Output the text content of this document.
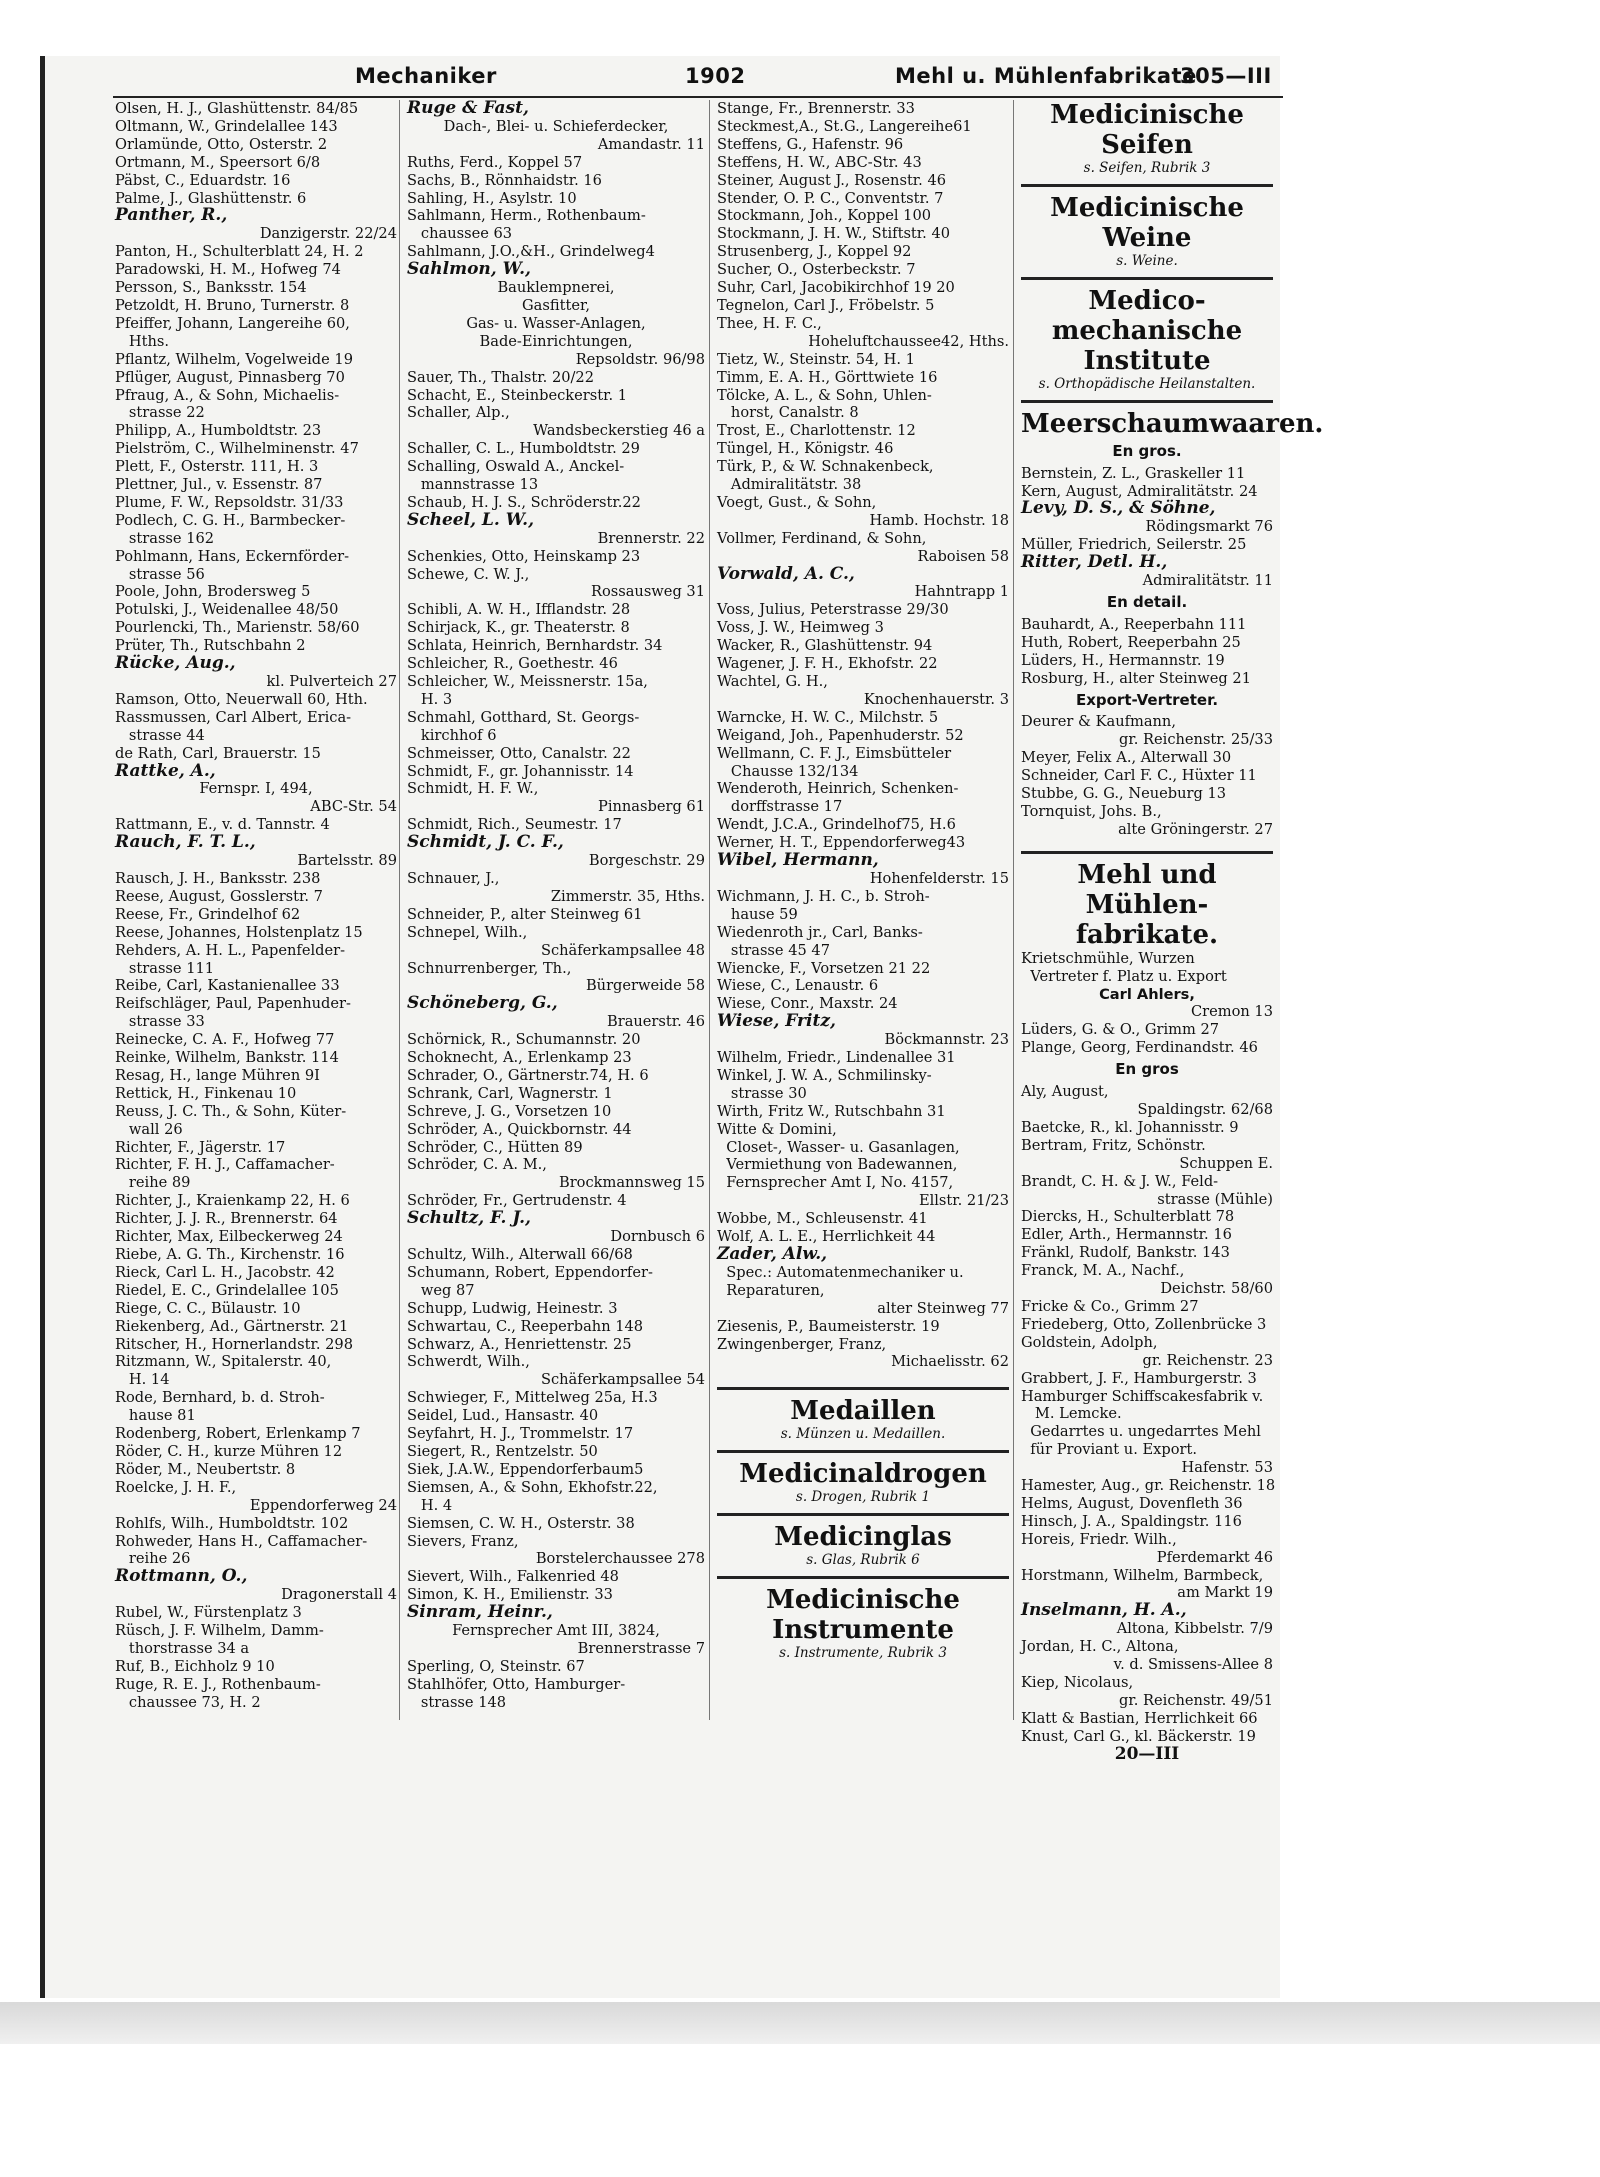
Mechaniker	1902	Mehl u. Mühlenfabrikate
305—III
Olsen, H. J., Glashüttenstr. 84/85
Oltmann, W., Grindelallee 143
Orlamünde, Otto, Osterstr. 2
Ortmann, M., Speersort 6/8
Päbst, C., Eduardstr. 16
Palme, J., Glashüttenstr. 6
Panther, R.,
Danzigerstr. 22/24
Panton, H., Schulterblatt 24, H. 2
Paradowski, H. M., Hofweg 74
Persson, S., Banksstr. 154
Petzoldt, H. Bruno, Turnerstr. 8
Pfeiffer, Johann, Langereihe 60,
Hths.
Pflantz, Wilhelm, Vogelweide 19
Pflüger, August, Pinnasberg 70
Pfraug, A., & Sohn, Michaelis-
strasse 22
Philipp, A., Humboldtstr. 23
Pielström, C., Wilhelminenstr. 47
Plett, F., Osterstr. 111, H. 3
Plettner, Jul., v. Essenstr. 87
Plume, F. W., Repsoldstr. 31/33
Podlech, C. G. H., Barmbecker-
strasse 162
Pohlmann, Hans, Eckernförder-
strasse 56
Poole, John, Brodersweg 5
Potulski, J., Weidenallee 48/50
Pourlencki, Th., Marienstr. 58/60
Prüter, Th., Rutschbahn 2
Rücke, Aug.,
kl. Pulverteich 27
Ramson, Otto, Neuerwall 60, Hth.
Rassmussen, Carl Albert, Erica-
strasse 44
de Rath, Carl, Brauerstr. 15
Rattke, A.,
Fernspr. I, 494,
ABC-Str. 54
Rattmann, E., v. d. Tannstr. 4
Rauch, F. T. L.,
Bartelsstr. 89
Rausch, J. H., Banksstr. 238
Reese, August, Gosslerstr. 7
Reese, Fr., Grindelhof 62
Reese, Johannes, Holstenplatz 15
Rehders, A. H. L., Papenfelder-
strasse 111
Reibe, Carl, Kastanienallee 33
Reifschläger, Paul, Papenhuder-
strasse 33
Reinecke, C. A. F., Hofweg 77
Reinke, Wilhelm, Bankstr. 114
Resag, H., lange Mühren 9I
Rettick, H., Finkenau 10
Reuss, J. C. Th., & Sohn, Küter-
wall 26
Richter, F., Jägerstr. 17
Richter, F. H. J., Caffamacher-
reihe 89
Richter, J., Kraienkamp 22, H. 6
Richter, J. J. R., Brennerstr. 64
Richter, Max, Eilbeckerweg 24
Riebe, A. G. Th., Kirchenstr. 16
Rieck, Carl L. H., Jacobstr. 42
Riedel, E. C., Grindelallee 105
Riege, C. C., Bülaustr. 10
Riekenberg, Ad., Gärtnerstr. 21
Ritscher, H., Hornerlandstr. 298
Ritzmann, W., Spitalerstr. 40,
H. 14
Rode, Bernhard, b. d. Stroh-
hause 81
Rodenberg, Robert, Erlenkamp 7
Röder, C. H., kurze Mühren 12
Röder, M., Neubertstr. 8
Roelcke, J. H. F.,
Eppendorferweg 24
Rohlfs, Wilh., Humboldtstr. 102
Rohweder, Hans H., Caffamacher-
reihe 26
Rottmann, O.,
Dragonerstall 4
Rubel, W., Fürstenplatz 3
Rüsch, J. F. Wilhelm, Damm-
thorstrasse 34 a
Ruf, B., Eichholz 9 10
Ruge, R. E. J., Rothenbaum-
chaussee 73, H. 2
Ruge & Fast,
Dach-, Blei- u. Schieferdecker,
Amandastr. 11
Ruths, Ferd., Koppel 57
Sachs, B., Rönnhaidstr. 16
Sahling, H., Asylstr. 10
Sahlmann, Herm., Rothenbaum-
chaussee 63
Sahlmann, J.O.,&H., Grindelweg4
Sahlmon, W.,
Bauklempnerei,
Gasfitter,
Gas- u. Wasser-Anlagen,
Bade-Einrichtungen,
Repsoldstr. 96/98
Sauer, Th., Thalstr. 20/22
Schacht, E., Steinbeckerstr. 1
Schaller, Alp.,
Wandsbeckerstieg 46 a
Schaller, C. L., Humboldtstr. 29
Schalling, Oswald A., Anckel-
mannstrasse 13
Schaub, H. J. S., Schröderstr.22
Scheel, L. W.,
Brennerstr. 22
Schenkies, Otto, Heinskamp 23
Schewe, C. W. J.,
Rossausweg 31
Schibli, A. W. H., Ifflandstr. 28
Schirjack, K., gr. Theaterstr. 8
Schlata, Heinrich, Bernhardstr. 34
Schleicher, R., Goethestr. 46
Schleicher, W., Meissnerstr. 15a,
H. 3
Schmahl, Gotthard, St. Georgs-
kirchhof 6
Schmeisser, Otto, Canalstr. 22
Schmidt, F., gr. Johannisstr. 14
Schmidt, H. F. W.,
Pinnasberg 61
Schmidt, Rich., Seumestr. 17
Schmidt, J. C. F.,
Borgeschstr. 29
Schnauer, J.,
Zimmerstr. 35, Hths.
Schneider, P., alter Steinweg 61
Schnepel, Wilh.,
Schäferkampsallee 48
Schnurrenberger, Th.,
Bürgerweide 58
Schöneberg, G.,
Brauerstr. 46
Schörnick, R., Schumannstr. 20
Schoknecht, A., Erlenkamp 23
Schrader, O., Gärtnerstr.74, H. 6
Schrank, Carl, Wagnerstr. 1
Schreve, J. G., Vorsetzen 10
Schröder, A., Quickbornstr. 44
Schröder, C., Hütten 89
Schröder, C. A. M.,
Brockmannsweg 15
Schröder, Fr., Gertrudenstr. 4
Schultz, F. J.,
Dornbusch 6
Schultz, Wilh., Alterwall 66/68
Schumann, Robert, Eppendorfer-
weg 87
Schupp, Ludwig, Heinestr. 3
Schwartau, C., Reeperbahn 148
Schwarz, A., Henriettenstr. 25
Schwerdt, Wilh.,
Schäferkampsallee 54
Schwieger, F., Mittelweg 25a, H.3
Seidel, Lud., Hansastr. 40
Seyfahrt, H. J., Trommelstr. 17
Siegert, R., Rentzelstr. 50
Siek, J.A.W., Eppendorferbaum5
Siemsen, A., & Sohn, Ekhofstr.22,
H. 4
Siemsen, C. W. H., Osterstr. 38
Sievers, Franz,
Borstelerchaussee 278
Sievert, Wilh., Falkenried 48
Simon, K. H., Emilienstr. 33
Sinram, Heinr.,
Fernsprecher Amt III, 3824,
Brennerstrasse 7
Sperling, O, Steinstr. 67
Stahlhöfer, Otto, Hamburger-
strasse 148
Stange, Fr., Brennerstr. 33
Steckmest,A., St.G., Langereihe61
Steffens, G., Hafenstr. 96
Steffens, H. W., ABC-Str. 43
Steiner, August J., Rosenstr. 46
Stender, O. P. C., Conventstr. 7
Stockmann, Joh., Koppel 100
Stockmann, J. H. W., Stiftstr. 40
Strusenberg, J., Koppel 92
Sucher, O., Osterbeckstr. 7
Suhr, Carl, Jacobikirchhof 19 20
Tegnelon, Carl J., Fröbelstr. 5
Thee, H. F. C.,
Hoheluftchaussee42, Hths.
Tietz, W., Steinstr. 54, H. 1
Timm, E. A. H., Görttwiete 16
Tölcke, A. L., & Sohn, Uhlen-
horst, Canalstr. 8
Trost, E., Charlottenstr. 12
Tüngel, H., Königstr. 46
Türk, P., & W. Schnakenbeck,
Admiralitätstr. 38
Voegt, Gust., & Sohn,
Hamb. Hochstr. 18
Vollmer, Ferdinand, & Sohn,
Raboisen 58
Vorwald, A. C.,
Hahntrapp 1
Voss, Julius, Peterstrasse 29/30
Voss, J. W., Heimweg 3
Wacker, R., Glashüttenstr. 94
Wagener, J. F. H., Ekhofstr. 22
Wachtel, G. H.,
Knochenhauerstr. 3
Warncke, H. W. C., Milchstr. 5
Weigand, Joh., Papenhuderstr. 52
Wellmann, C. F. J., Eimsbütteler
Chausse 132/134
Wenderoth, Heinrich, Schenken-
dorffstrasse 17
Wendt, J.C.A., Grindelhof75, H.6
Werner, H. T., Eppendorferweg43
Wibel, Hermann,
Hohenfelderstr. 15
Wichmann, J. H. C., b. Stroh-
hause 59
Wiedenroth jr., Carl, Banks-
strasse 45 47
Wiencke, F., Vorsetzen 21 22
Wiese, C., Lenaustr. 6
Wiese, Conr., Maxstr. 24
Wiese, Fritz,
Böckmannstr. 23
Wilhelm, Friedr., Lindenallee 31
Winkel, J. W. A., Schmilinsky-
strasse 30
Wirth, Fritz W., Rutschbahn 31
Witte & Domini,
Closet-, Wasser- u. Gasanlagen,
Vermiethung von Badewannen,
Fernsprecher Amt I, No. 4157,
Ellstr. 21/23
Wobbe, M., Schleusenstr. 41
Wolf, A. L. E., Herrlichkeit 44
Zader, Alw.,
Spec.: Automatenmechaniker u.
Reparaturen,
alter Steinweg 77
Ziesenis, P., Baumeisterstr. 19
Zwingenberger, Franz,
Michaelisstr. 62
Medaillen
s. Münzen u. Medaillen.
Medicinaldrogen
s. Drogen, Rubrik 1
Medicinglas
s. Glas, Rubrik 6
Medicinische Instrumente
s. Instrumente, Rubrik 3
Medicinische Seifen
s. Seifen, Rubrik 3
Medicinische Weine
s. Weine.
Medico-mechanische Institute
s. Orthopädische Heilanstalten.
Meerschaumwaaren.
En gros.
Bernstein, Z. L., Graskeller 11
Kern, August, Admiralitätstr. 24
Levy, D. S., & Söhne,
Rödingsmarkt 76
Müller, Friedrich, Seilerstr. 25
Ritter, Detl. H.,
Admiralitätstr. 11
En detail.
Bauhardt, A., Reeperbahn 111
Huth, Robert, Reeperbahn 25
Lüders, H., Hermannstr. 19
Rosburg, H., alter Steinweg 21
Export-Vertreter.
Deurer & Kaufmann,
gr. Reichenstr. 25/33
Meyer, Felix A., Alterwall 30
Schneider, Carl F. C., Hüxter 11
Stubbe, G. G., Neueburg 13
Tornquist, Johs. B.,
alte Gröningerstr. 27
Mehl und Mühlen-fabrikate.
Krietschmühle, Wurzen
Vertreter f. Platz u. Export
Carl Ahlers,
Cremon 13
Lüders, G. & O., Grimm 27
Plange, Georg, Ferdinandstr. 46
En gros
Aly, August,
Spaldingstr. 62/68
Baetcke, R., kl. Johannisstr. 9
Bertram, Fritz, Schönstr.
Schuppen E.
Brandt, C. H. & J. W., Feld-
strasse (Mühle)
Diercks, H., Schulterblatt 78
Edler, Arth., Hermannstr. 16
Fränkl, Rudolf, Bankstr. 143
Franck, M. A., Nachf.,
Deichstr. 58/60
Fricke & Co., Grimm 27
Friedeberg, Otto, Zollenbrücke 3
Goldstein, Adolph,
gr. Reichenstr. 23
Grabbert, J. F., Hamburgerstr. 3
Hamburger Schiffscakesfabrik v.
M. Lemcke.
Gedarrtes u. ungedarrtes Mehl
für Proviant u. Export.
Hafenstr. 53
Hamester, Aug., gr. Reichenstr. 18
Helms, August, Dovenfleth 36
Hinsch, J. A., Spaldingstr. 116
Horeis, Friedr. Wilh.,
Pferdemarkt 46
Horstmann, Wilhelm, Barmbeck,
am Markt 19
Inselmann, H. A.,
Altona, Kibbelstr. 7/9
Jordan, H. C., Altona,
v. d. Smissens-Allee 8
Kiep, Nicolaus,
gr. Reichenstr. 49/51
Klatt & Bastian, Herrlichkeit 66
Knust, Carl G., kl. Bäckerstr. 19
20—III
